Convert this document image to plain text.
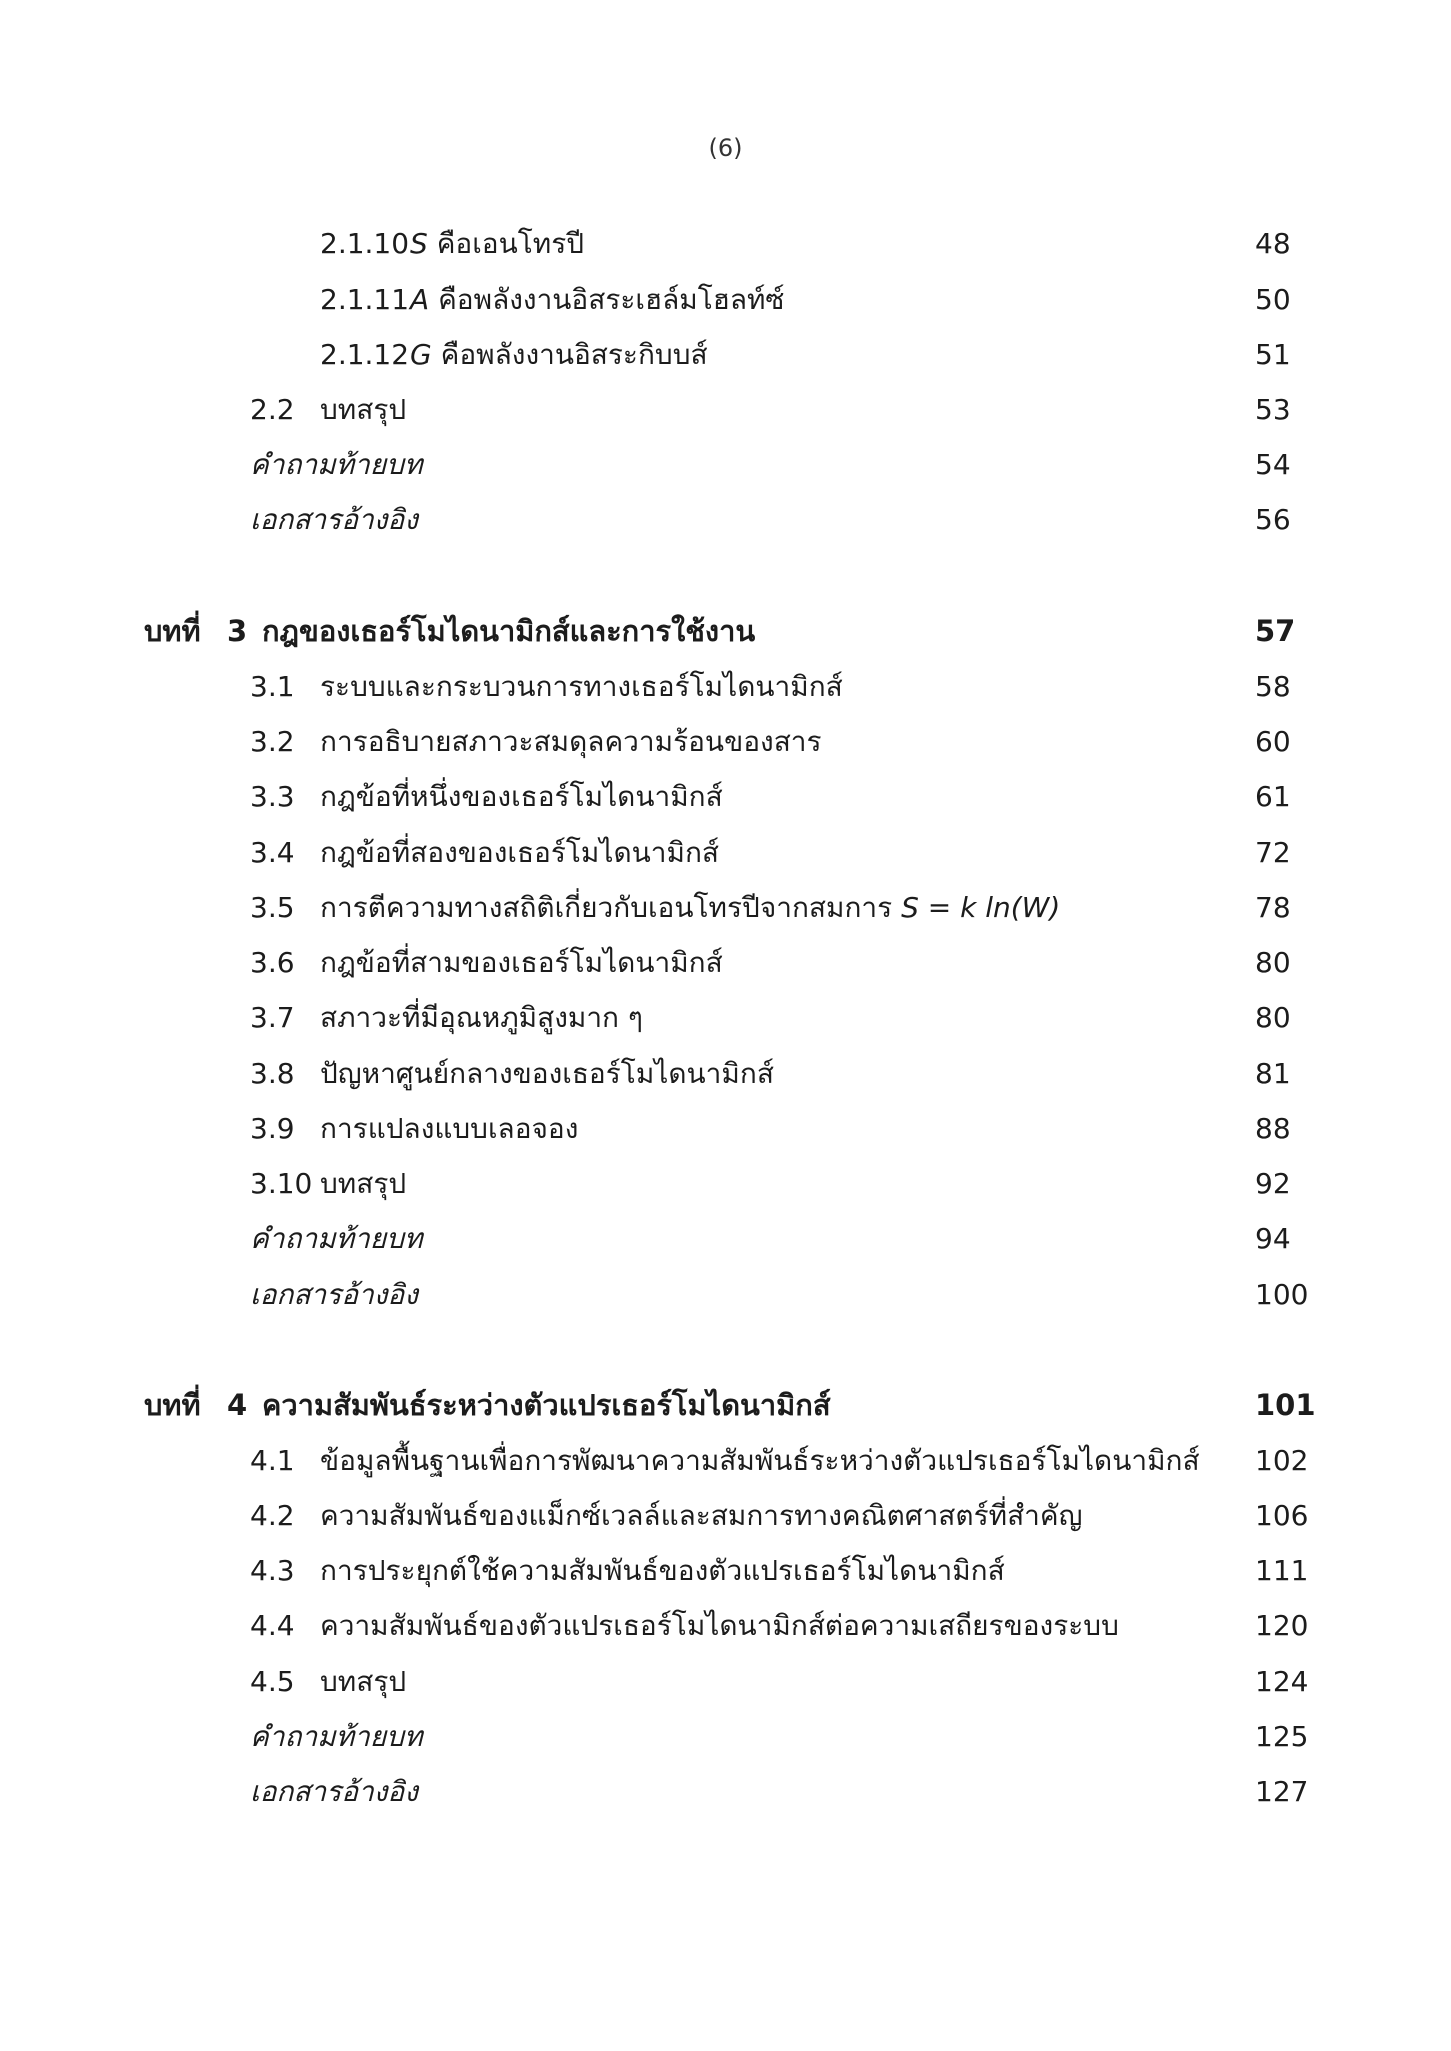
(6)
2.1.10 S คือเอนโทรปี	48
2.1.11 A คือพลังงานอิสระเฮล์มโฮลท์ซ์	50
2.1.12 G คือพลังงานอิสระกิบบส์	51
2.2 บทสรุป	53
คำถามท้ายบท	54
เอกสารอ้างอิง	56
บทที่ 3 กฎของเธอร์โมไดนามิกส์และการใช้งาน	57
3.1 ระบบและกระบวนการทางเธอร์โมไดนามิกส์	58
3.2 การอธิบายสภาวะสมดุลความร้อนของสาร	60
3.3 กฎข้อที่หนึ่งของเธอร์โมไดนามิกส์	61
3.4 กฎข้อที่สองของเธอร์โมไดนามิกส์	72
3.5 การตีความทางสถิติเกี่ยวกับเอนโทรปีจากสมการ S = k ln(W)	78
3.6 กฎข้อที่สามของเธอร์โมไดนามิกส์	80
3.7 สภาวะที่มีอุณหภูมิสูงมาก ๆ	80
3.8 ปัญหาศูนย์กลางของเธอร์โมไดนามิกส์	81
3.9 การแปลงแบบเลอจอง	88
3.10 บทสรุป	92
คำถามท้ายบท	94
เอกสารอ้างอิง	100
บทที่ 4 ความสัมพันธ์ระหว่างตัวแปรเธอร์โมไดนามิกส์	101
4.1 ข้อมูลพื้นฐานเพื่อการพัฒนาความสัมพันธ์ระหว่างตัวแปรเธอร์โมไดนามิกส์ 102
4.2 ความสัมพันธ์ของแม็กซ์เวลล์และสมการทางคณิตศาสตร์ที่สำคัญ	106
4.3 การประยุกต์ใช้ความสัมพันธ์ของตัวแปรเธอร์โมไดนามิกส์	111
4.4 ความสัมพันธ์ของตัวแปรเธอร์โมไดนามิกส์ต่อความเสถียรของระบบ	120
4.5 บทสรุป	124
คำถามท้ายบท	125
เอกสารอ้างอิง	127
